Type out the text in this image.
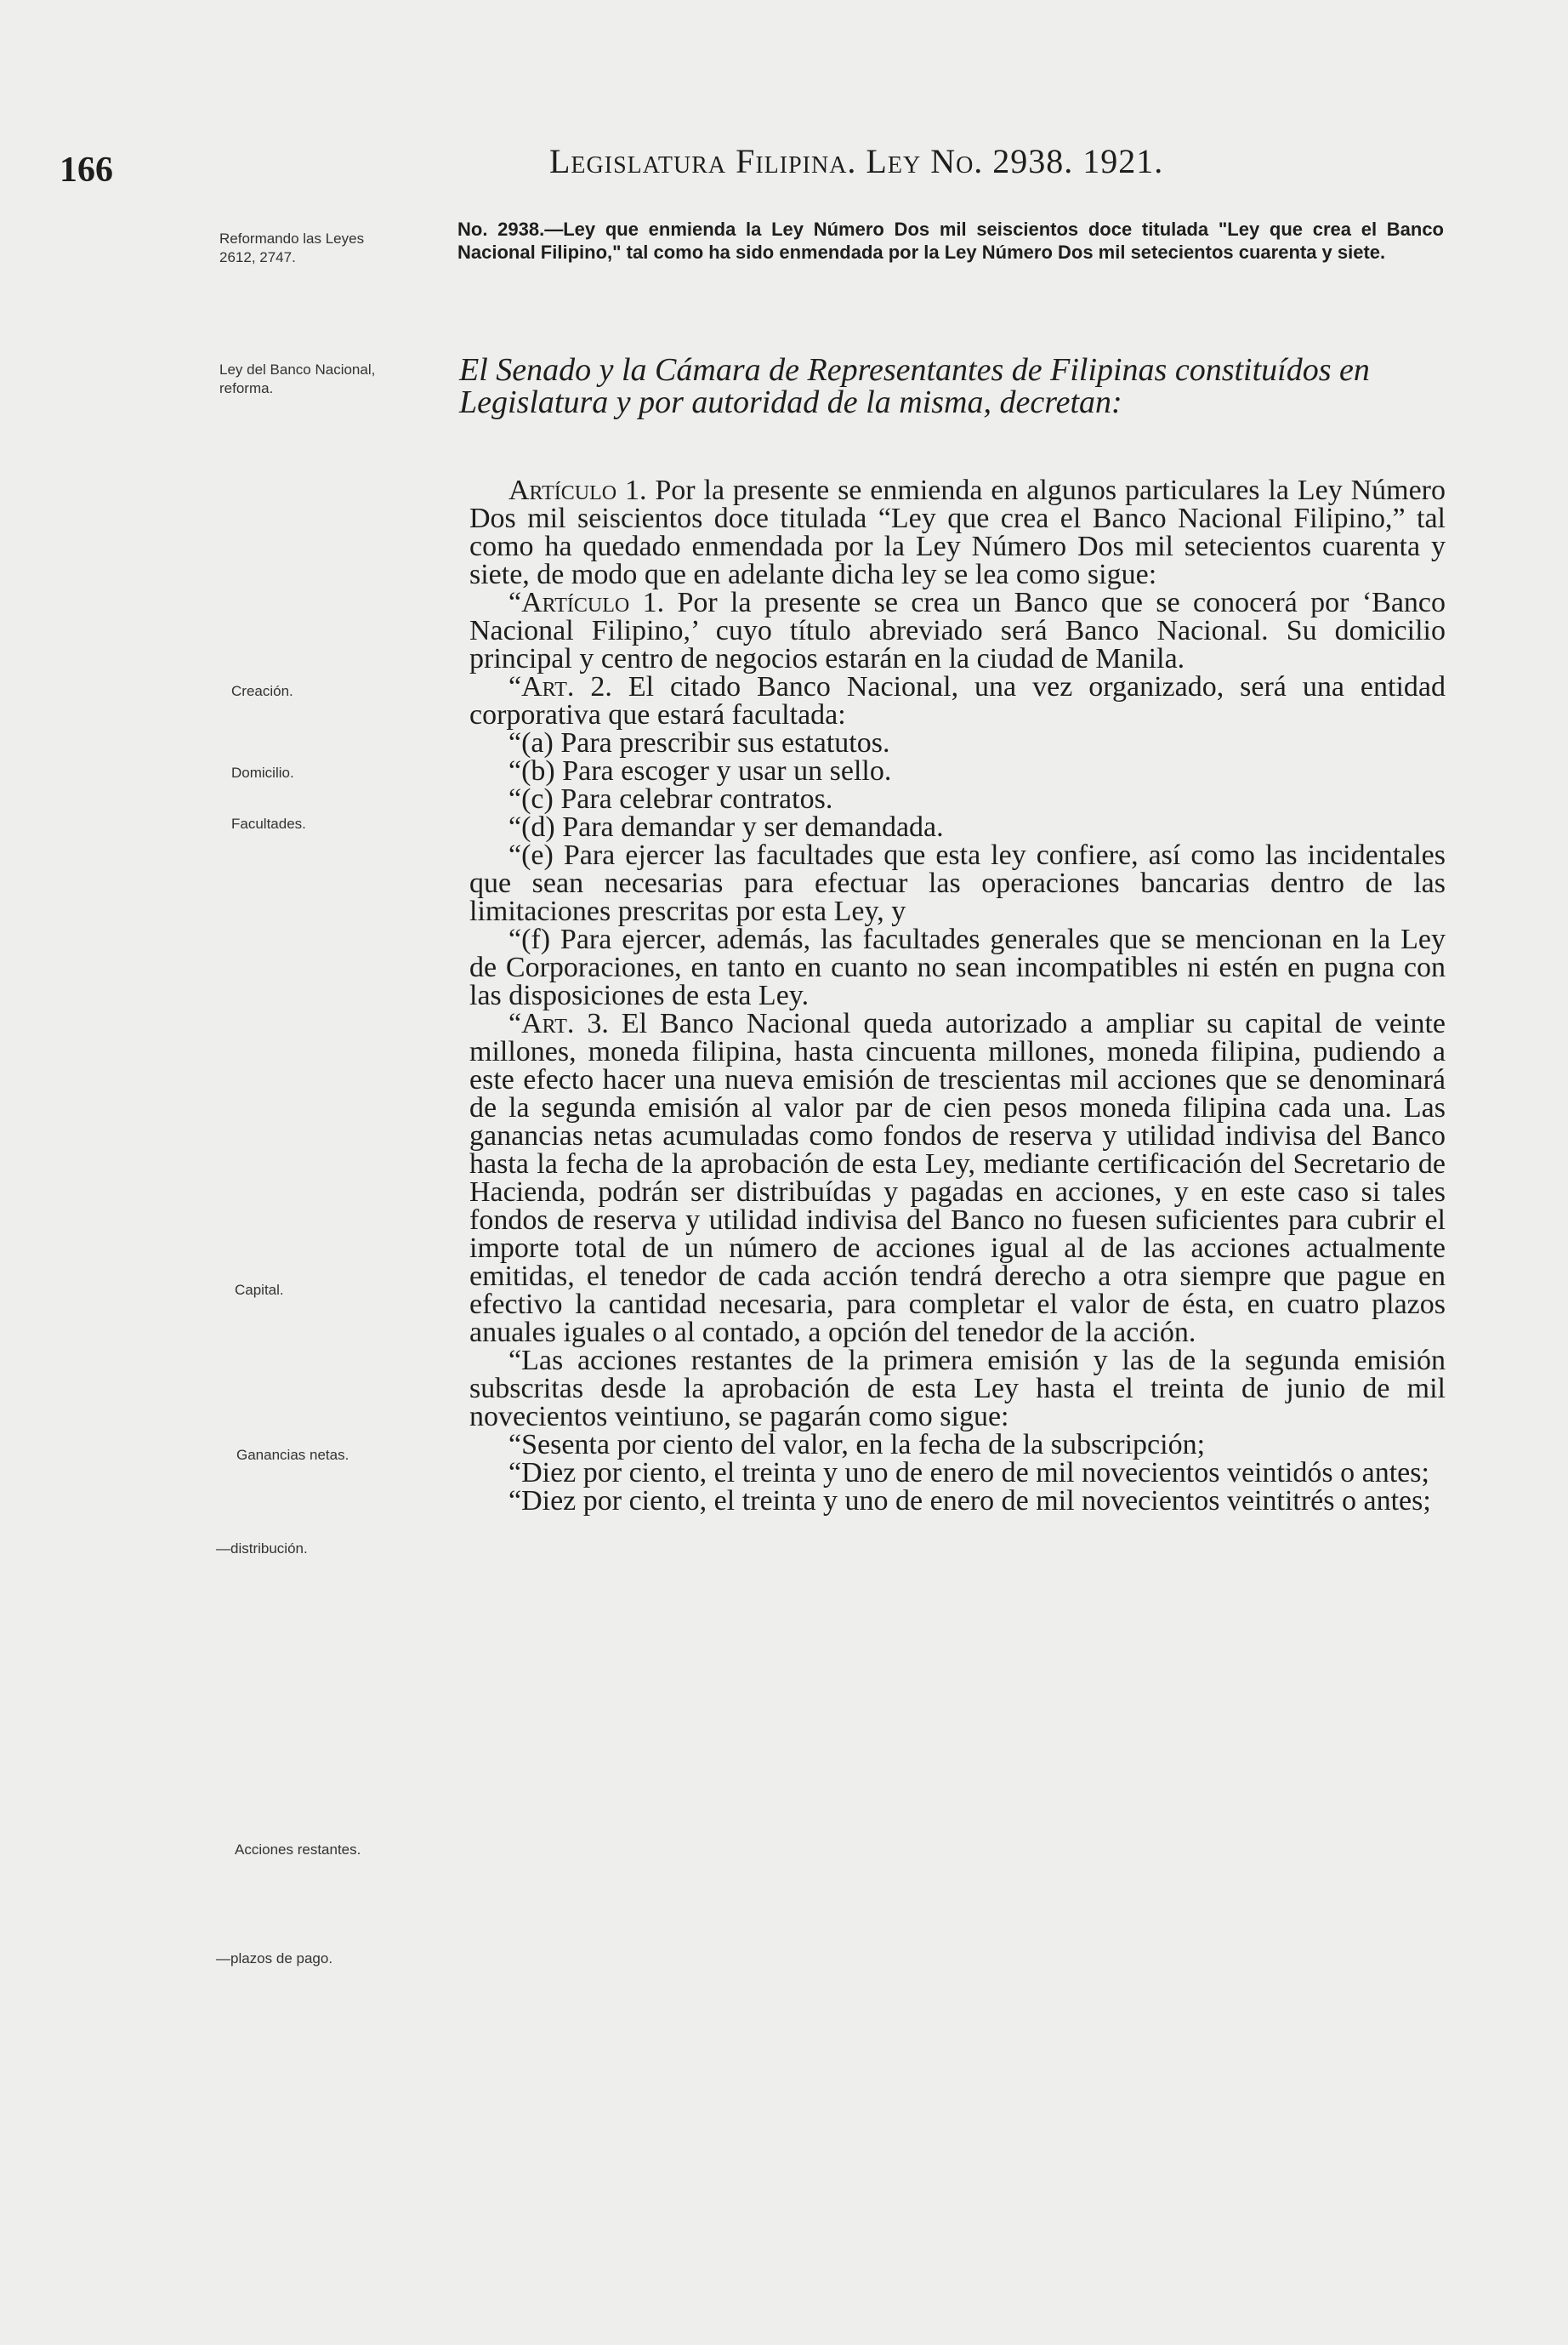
166	Legislatura Filipina. Ley No. 2938. 1921.
Reformando las Leyes 2612, 2747.
Ley del Banco Nacional, reforma.
Creación.
Domicilio.
Facultades.
Capital.
Ganancias netas.
—distribución.
Acciones restantes.
—plazos de pago.
No. 2938.—Ley que enmienda la Ley Número Dos mil seiscientos doce titulada "Ley que crea el Banco Nacional Filipino," tal como ha sido enmendada por la Ley Número Dos mil setecientos cuarenta y siete.
El Senado y la Cámara de Representantes de Filipinas constituídos en Legislatura y por autoridad de la misma, decretan:

Artículo 1. Por la presente se enmienda en algunos particulares la Ley Número Dos mil seiscientos doce titulada “Ley que crea el Banco Nacional Filipino,” tal como ha quedado enmendada por la Ley Número Dos mil setecientos cuarenta y siete, de modo que en adelante dicha ley se lea como sigue:

“Artículo 1. Por la presente se crea un Banco que se conocerá por ‘Banco Nacional Filipino,’ cuyo título abreviado será Banco Nacional. Su domicilio principal y centro de negocios estarán en la ciudad de Manila.

“Art. 2. El citado Banco Nacional, una vez organizado, será una entidad corporativa que estará facultada:

“(a) Para prescribir sus estatutos.

“(b) Para escoger y usar un sello.

“(c) Para celebrar contratos.

“(d) Para demandar y ser demandada.

“(e) Para ejercer las facultades que esta ley confiere, así como las incidentales que sean necesarias para efectuar las operaciones bancarias dentro de las limitaciones prescritas por esta Ley, y

“(f) Para ejercer, además, las facultades generales que se mencionan en la Ley de Corporaciones, en tanto en cuanto no sean incompatibles ni estén en pugna con las disposiciones de esta Ley.

“Art. 3. El Banco Nacional queda autorizado a ampliar su capital de veinte millones, moneda filipina, hasta cincuenta millones, moneda filipina, pudiendo a este efecto hacer una nueva emisión de trescientas mil acciones que se denominará de la segunda emisión al valor par de cien pesos moneda filipina cada una. Las ganancias netas acumuladas como fondos de reserva y utilidad indivisa del Banco hasta la fecha de la aprobación de esta Ley, mediante certificación del Secretario de Hacienda, podrán ser distribuídas y pagadas en acciones, y en este caso si tales fondos de reserva y utilidad indivisa del Banco no fuesen suficientes para cubrir el importe total de un número de acciones igual al de las acciones actualmente emitidas, el tenedor de cada acción tendrá derecho a otra siempre que pague en efectivo la cantidad necesaria, para completar el valor de ésta, en cuatro plazos anuales iguales o al contado, a opción del tenedor de la acción.

“Las acciones restantes de la primera emisión y las de la segunda emisión subscritas desde la aprobación de esta Ley hasta el treinta de junio de mil novecientos veintiuno, se pagarán como sigue:

“Sesenta por ciento del valor, en la fecha de la subscripción;

“Diez por ciento, el treinta y uno de enero de mil novecientos veintidós o antes;

“Diez por ciento, el treinta y uno de enero de mil novecientos veintitrés o antes;
